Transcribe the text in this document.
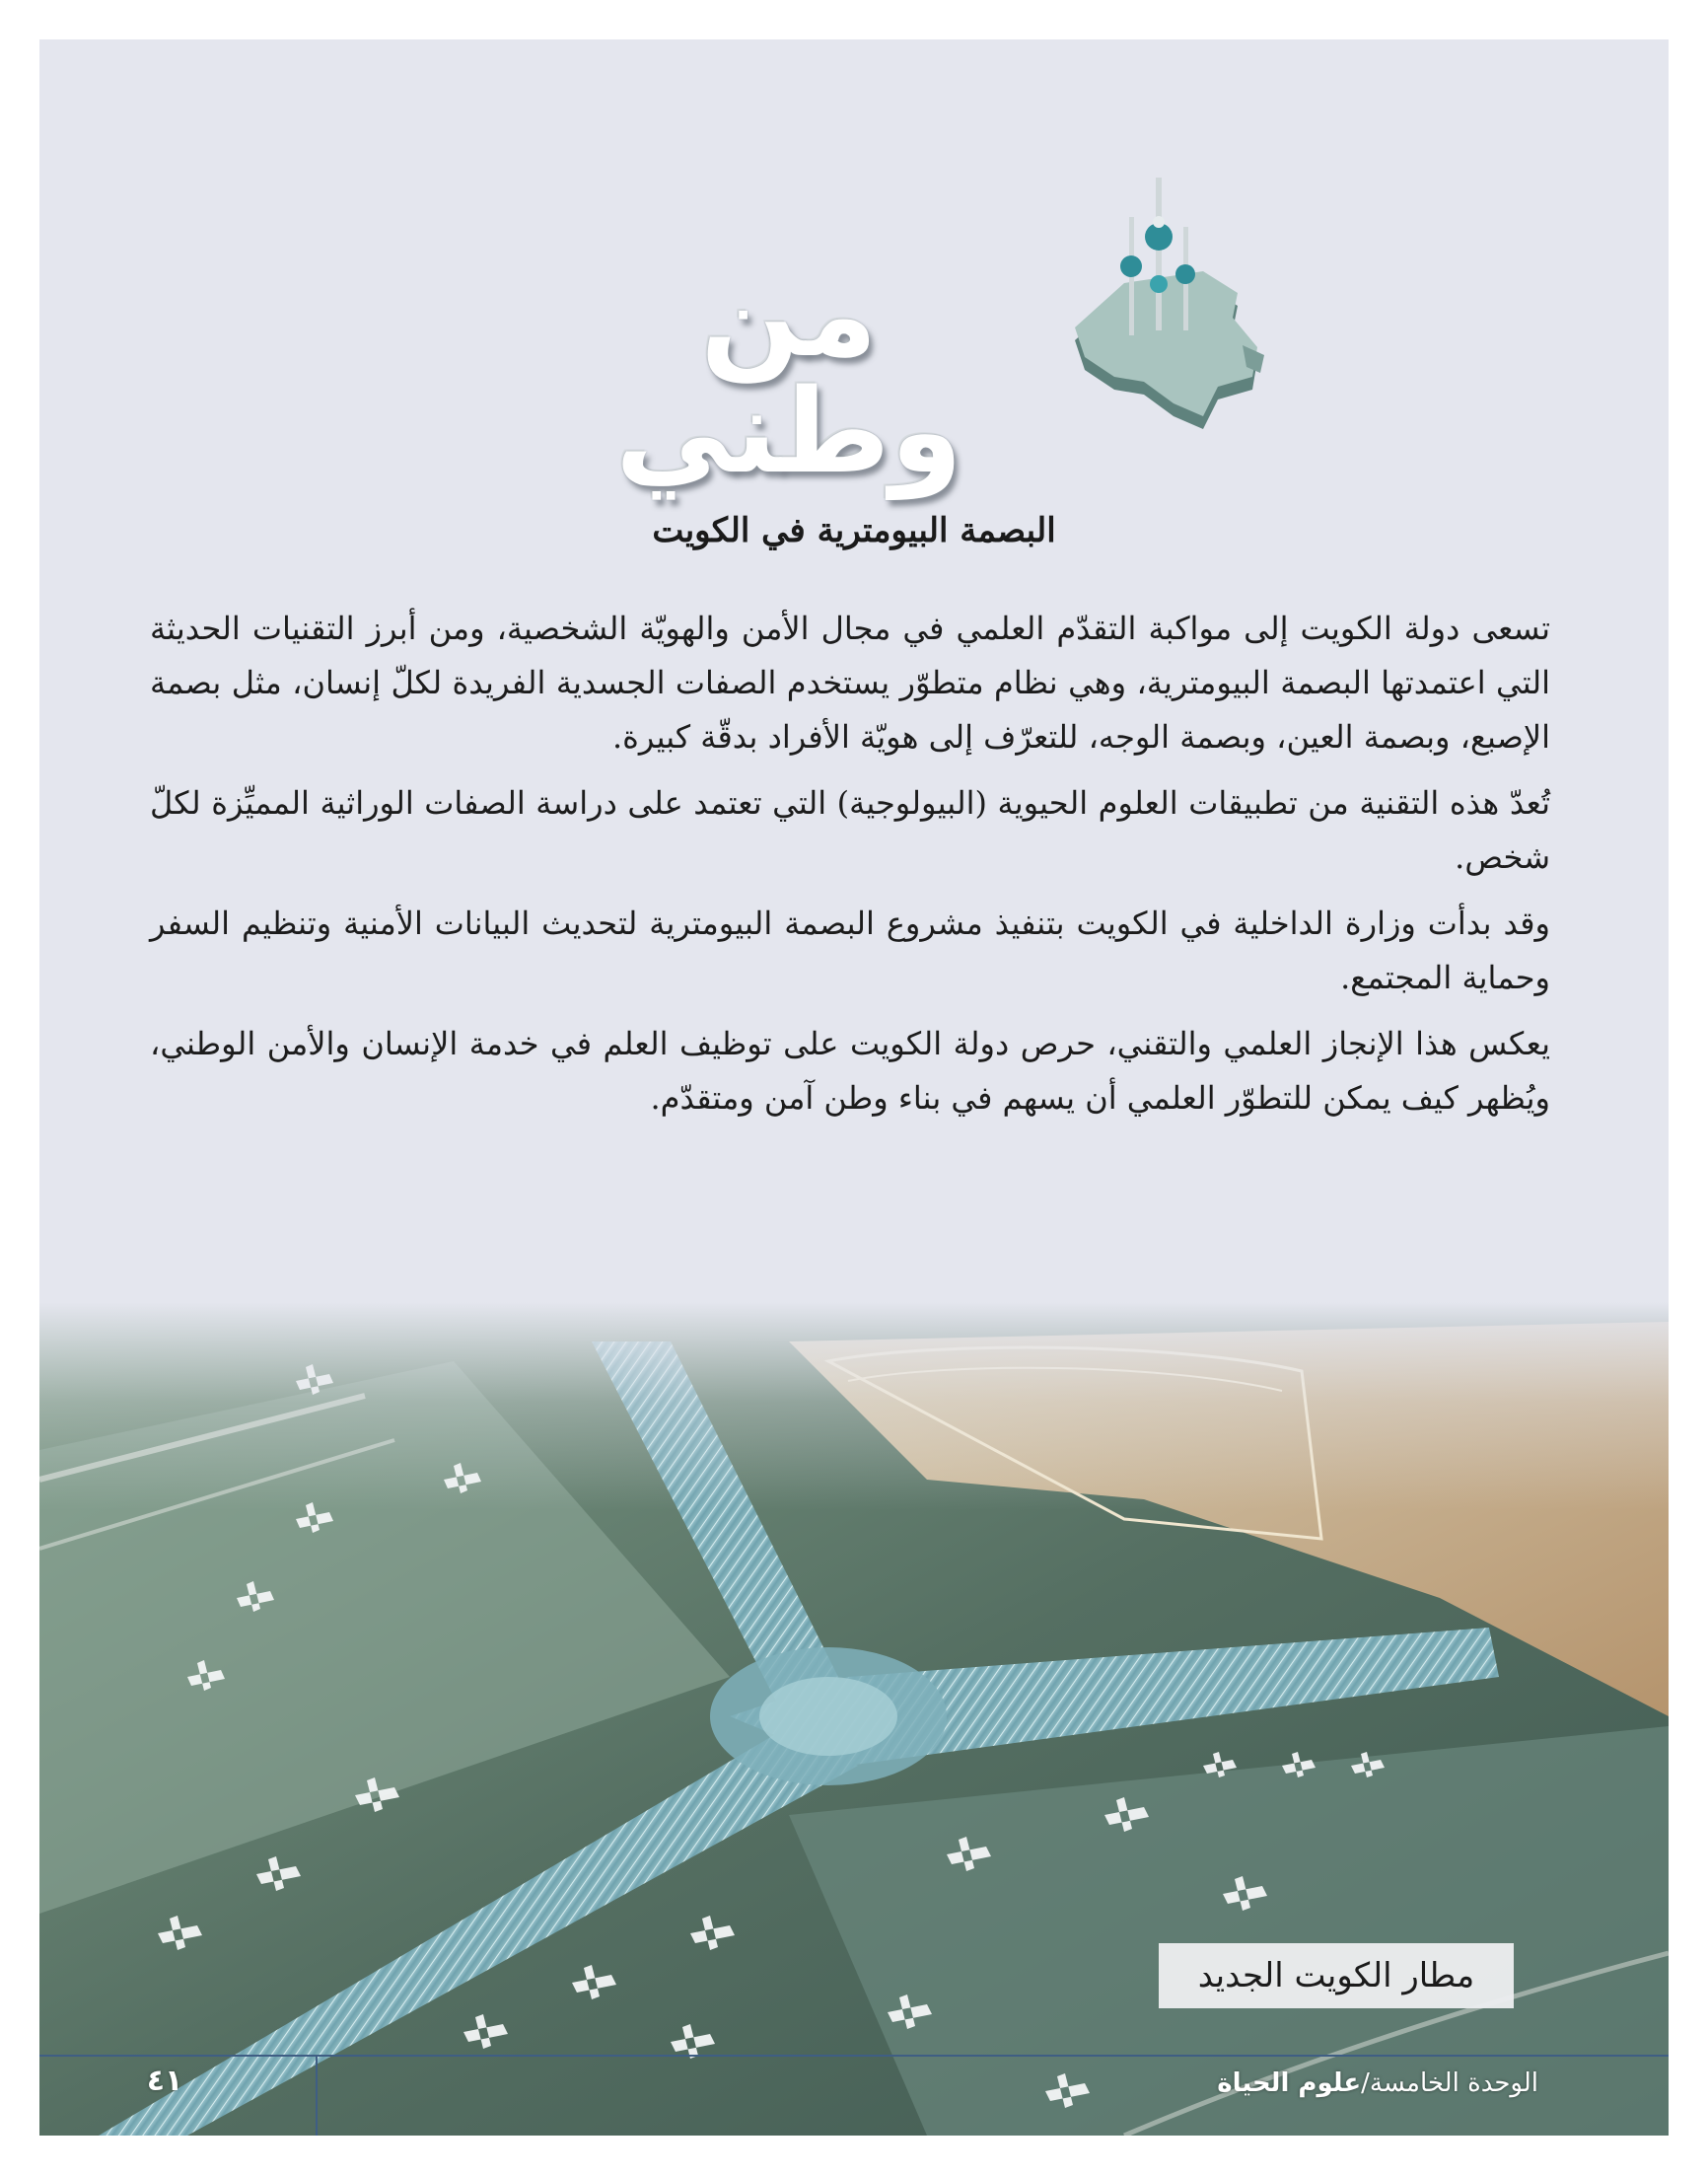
من وطني
البصمة البيومترية في الكويت

تسعى دولة الكويت إلى مواكبة التقدّم العلمي في مجال الأمن والهويّة الشخصية، ومن أبرز التقنيات الحديثة التي اعتمدتها البصمة البيومترية، وهي نظام متطوّر يستخدم الصفات الجسدية الفريدة لكلّ إنسان، مثل بصمة الإصبع، وبصمة العين، وبصمة الوجه، للتعرّف إلى هويّة الأفراد بدقّة كبيرة.

تُعدّ هذه التقنية من تطبيقات العلوم الحيوية (البيولوجية) التي تعتمد على دراسة الصفات الوراثية المميِّزة لكلّ شخص.

وقد بدأت وزارة الداخلية في الكويت بتنفيذ مشروع البصمة البيومترية لتحديث البيانات الأمنية وتنظيم السفر وحماية المجتمع.

يعكس هذا الإنجاز العلمي والتقني، حرص دولة الكويت على توظيف العلم في خدمة الإنسان والأمن الوطني، ويُظهر كيف يمكن للتطوّر العلمي أن يسهم في بناء وطن آمن ومتقدّم.

مطار الكويت الجديد
الوحدة الخامسة/علوم الحياة
٤١
